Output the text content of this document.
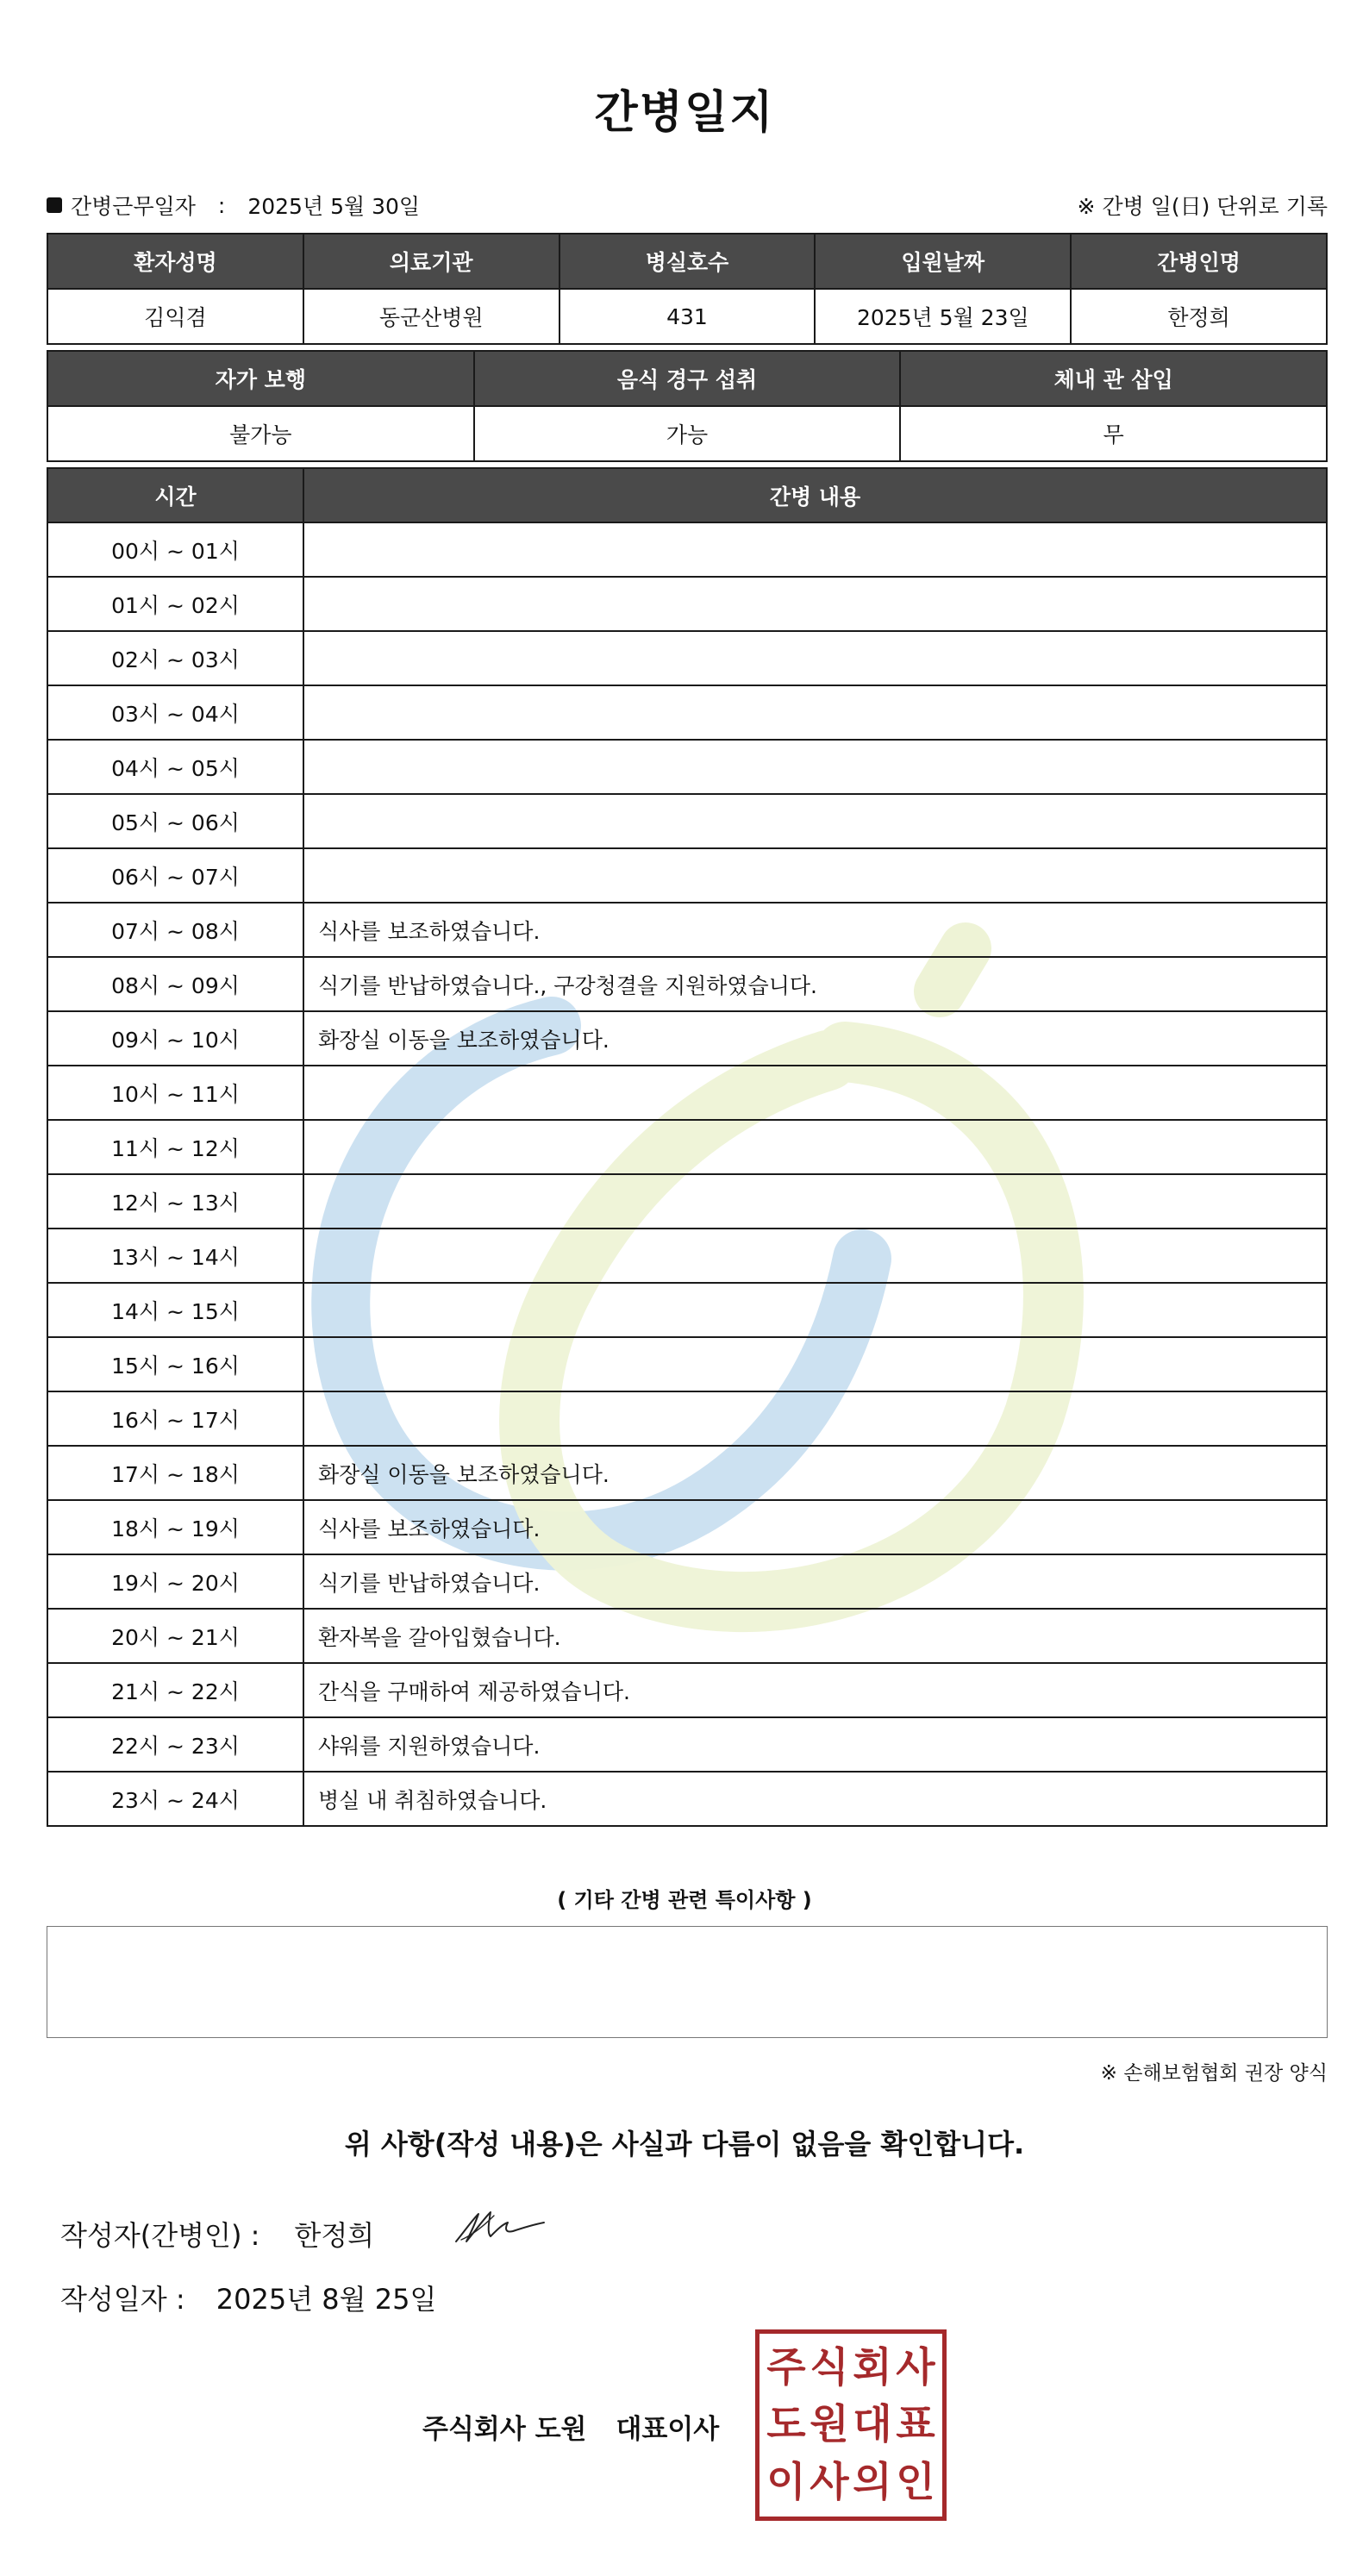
간병일지
간병근무일자 : 2025년 5월 30일	※ 간병 일(日) 단위로 기록
환자성명	의료기관	병실호수	입원날짜	간병인명
김익겸	동군산병원	431	2025년 5월 23일	한정희
자가 보행	음식 경구 섭취	체내 관 삽입
불가능	가능	무
시간	간병 내용
00시 ~ 01시	
01시 ~ 02시	
02시 ~ 03시	
03시 ~ 04시	
04시 ~ 05시	
05시 ~ 06시	
06시 ~ 07시	
07시 ~ 08시	식사를 보조하였습니다.
08시 ~ 09시	식기를 반납하였습니다., 구강청결을 지원하였습니다.
09시 ~ 10시	화장실 이동을 보조하였습니다.
10시 ~ 11시	
11시 ~ 12시	
12시 ~ 13시	
13시 ~ 14시	
14시 ~ 15시	
15시 ~ 16시	
16시 ~ 17시	
17시 ~ 18시	화장실 이동을 보조하였습니다.
18시 ~ 19시	식사를 보조하였습니다.
19시 ~ 20시	식기를 반납하였습니다.
20시 ~ 21시	환자복을 갈아입혔습니다.
21시 ~ 22시	간식을 구매하여 제공하였습니다.
22시 ~ 23시	샤워를 지원하였습니다.
23시 ~ 24시	병실 내 취침하였습니다.
( 기타 간병 관련 특이사항 )
※ 손해보험협회 권장 양식
위 사항(작성 내용)은 사실과 다름이 없음을 확인합니다.
작성자(간병인) : 한정희
작성일자 : 2025년 8월 25일
주식회사 도원 대표이사
주 식 회 사
도 원 대 표
이 사 의 인
